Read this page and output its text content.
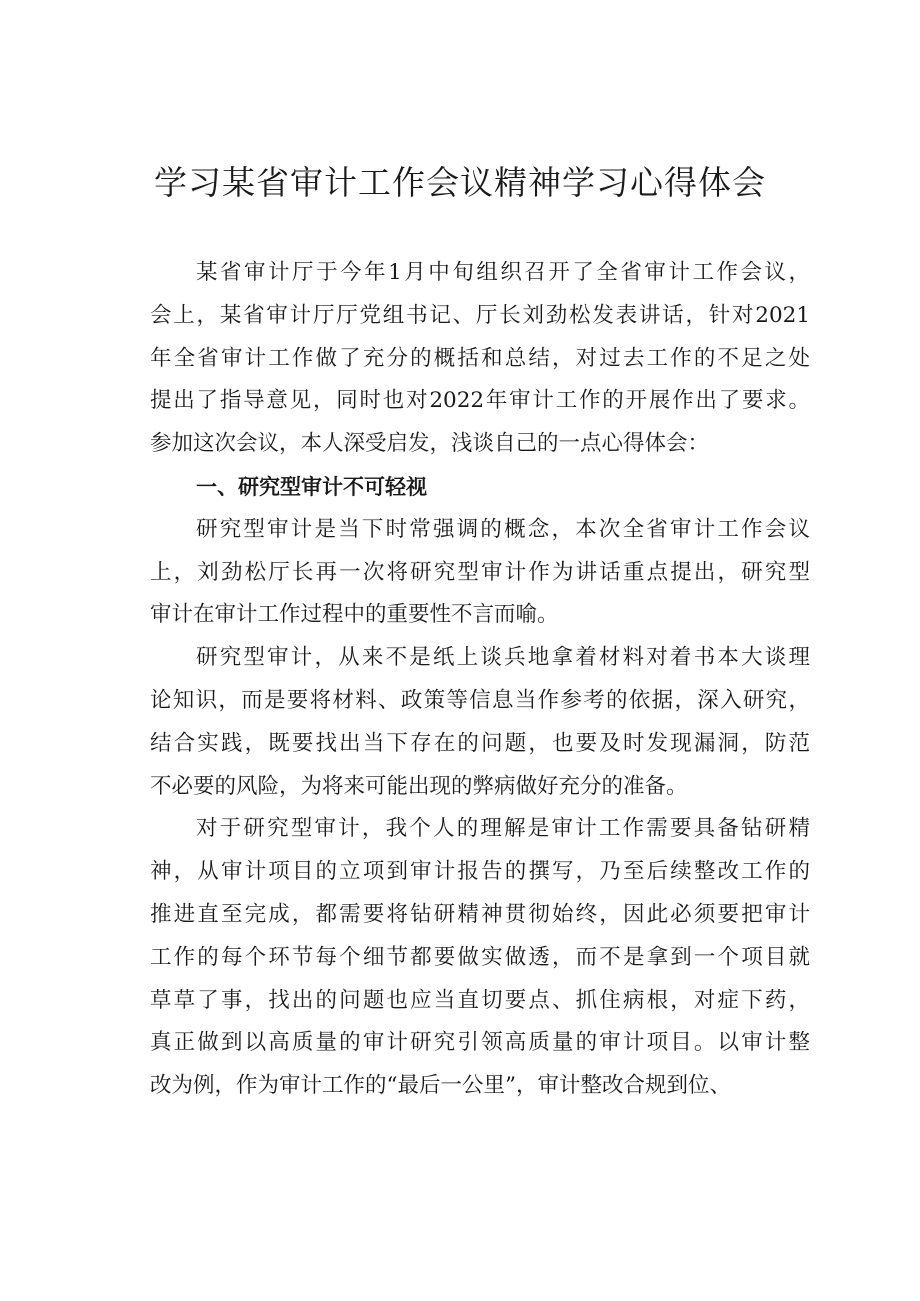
学习某省审计工作会议精神学习心得体会
某省审计厅于今年1月中旬组织召开了全省审计工作会议，
会上，某省审计厅厅党组书记、厅长刘劲松发表讲话，针对2021
年全省审计工作做了充分的概括和总结，对过去工作的不足之处
提出了指导意见，同时也对2022年审计工作的开展作出了要求。
参加这次会议，本人深受启发，浅谈自己的一点心得体会：
一、研究型审计不可轻视
研究型审计是当下时常强调的概念，本次全省审计工作会议
上，刘劲松厅长再一次将研究型审计作为讲话重点提出，研究型
审计在审计工作过程中的重要性不言而喻。
研究型审计，从来不是纸上谈兵地拿着材料对着书本大谈理
论知识，而是要将材料、政策等信息当作参考的依据，深入研究，
结合实践，既要找出当下存在的问题，也要及时发现漏洞，防范
不必要的风险，为将来可能出现的弊病做好充分的准备。
对于研究型审计，我个人的理解是审计工作需要具备钻研精
神，从审计项目的立项到审计报告的撰写，乃至后续整改工作的
推进直至完成，都需要将钻研精神贯彻始终，因此必须要把审计
工作的每个环节每个细节都要做实做透，而不是拿到一个项目就
草草了事，找出的问题也应当直切要点、抓住病根，对症下药，
真正做到以高质量的审计研究引领高质量的审计项目。以审计整
改为例，作为审计工作的“最后一公里”，审计整改合规到位、
